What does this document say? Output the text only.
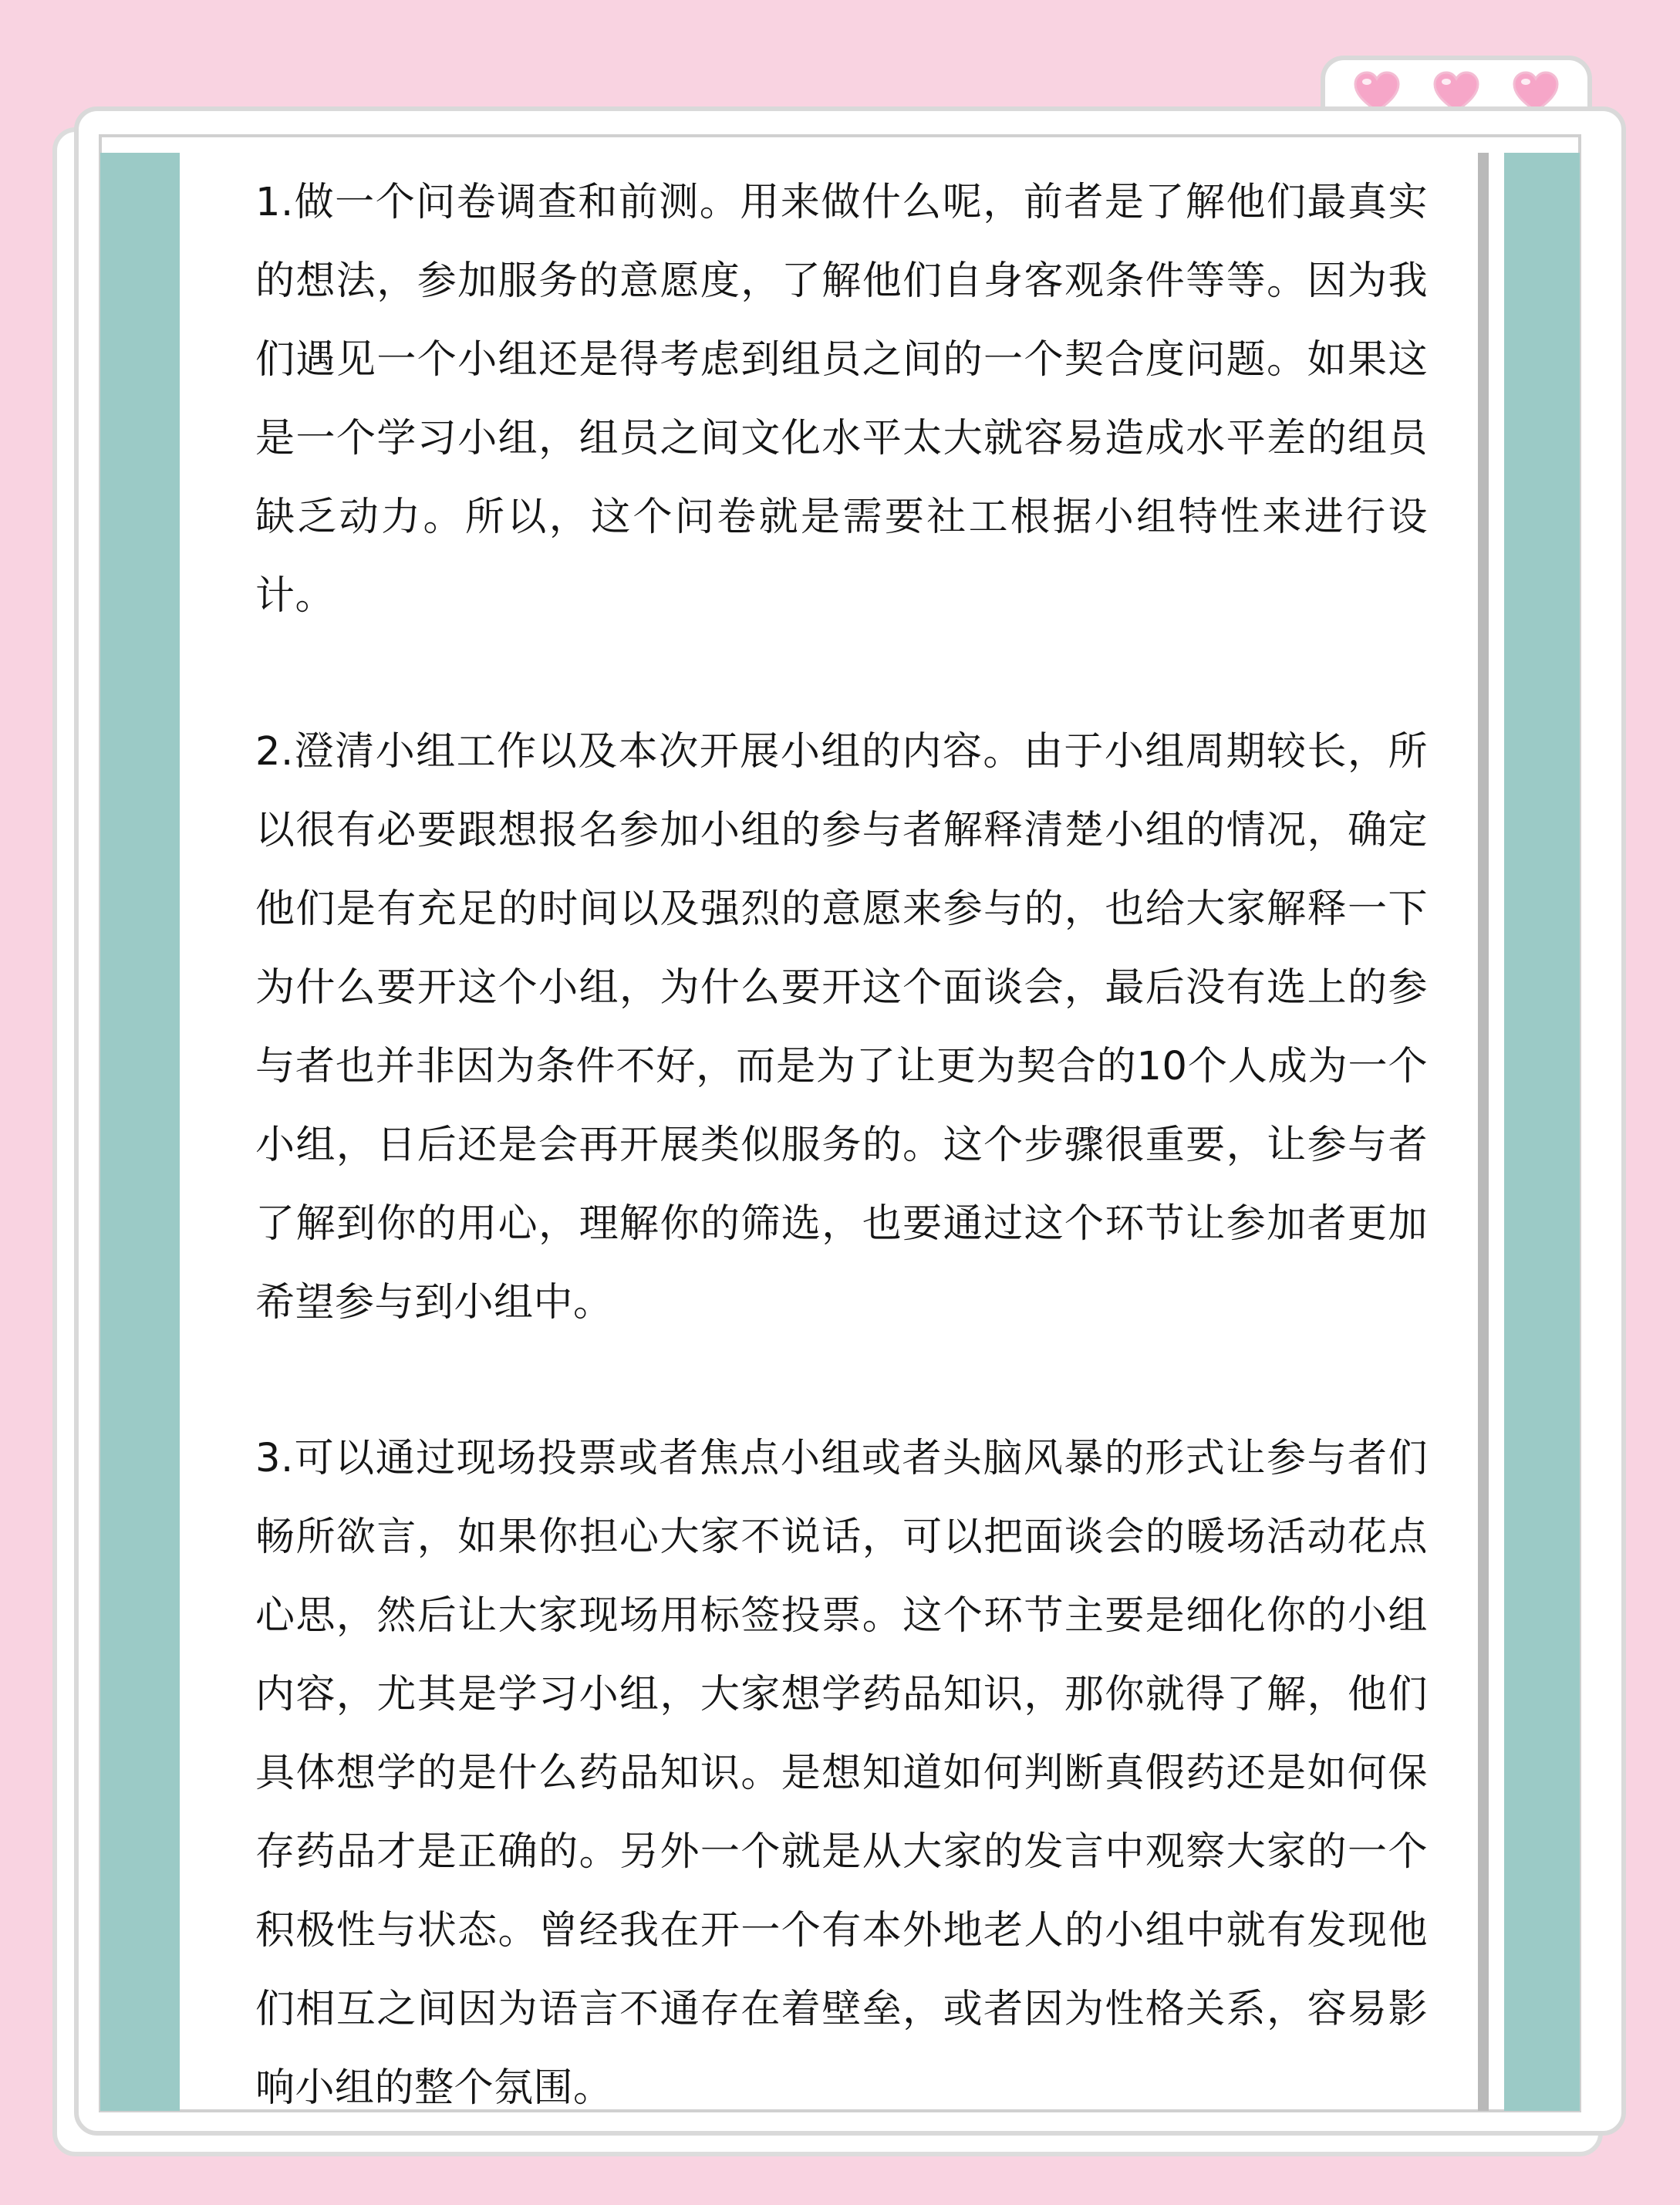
1.做一个问卷调查和前测。用来做什么呢，前者是了解他们最真实的想法，参加服务的意愿度，了解他们自身客观条件等等。因为我们遇见一个小组还是得考虑到组员之间的一个契合度问题。如果这是一个学习小组，组员之间文化水平太大就容易造成水平差的组员缺乏动力。所以，这个问卷就是需要社工根据小组特性来进行设计。

2.澄清小组工作以及本次开展小组的内容。由于小组周期较长，所以很有必要跟想报名参加小组的参与者解释清楚小组的情况，确定他们是有充足的时间以及强烈的意愿来参与的，也给大家解释一下为什么要开这个小组，为什么要开这个面谈会，最后没有选上的参与者也并非因为条件不好，而是为了让更为契合的10个人成为一个小组，日后还是会再开展类似服务的。这个步骤很重要，让参与者了解到你的用心，理解你的筛选，也要通过这个环节让参加者更加希望参与到小组中。

3.可以通过现场投票或者焦点小组或者头脑风暴的形式让参与者们畅所欲言，如果你担心大家不说话，可以把面谈会的暖场活动花点心思，然后让大家现场用标签投票。这个环节主要是细化你的小组内容，尤其是学习小组，大家想学药品知识，那你就得了解，他们具体想学的是什么药品知识。是想知道如何判断真假药还是如何保存药品才是正确的。另外一个就是从大家的发言中观察大家的一个积极性与状态。曾经我在开一个有本外地老人的小组中就有发现他们相互之间因为语言不通存在着壁垒，或者因为性格关系，容易影响小组的整个氛围。
